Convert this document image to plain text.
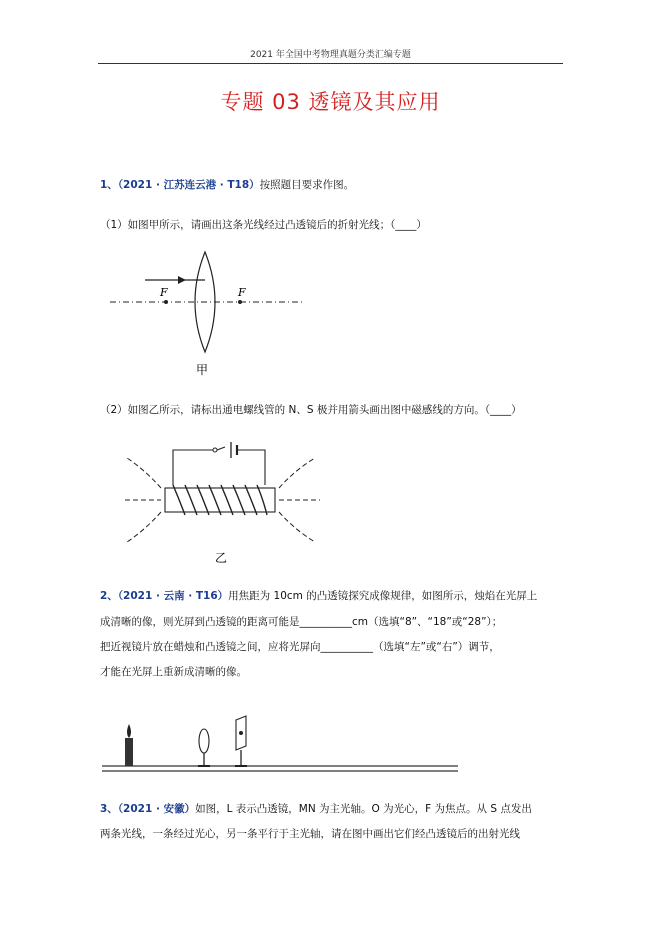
2021 年全国中考物理真题分类汇编专题
专题 03 透镜及其应用
1、（2021 · 江苏连云港 · T18）按照题目要求作图。
（1）如图甲所示，请画出这条光线经过凸透镜后的折射光线；（____）
F	F
甲
（2）如图乙所示，请标出通电螺线管的 N、S 极并用箭头画出图中磁感线的方向。（____）
乙
2、（2021 · 云南 · T16）用焦距为 10cm 的凸透镜探究成像规律，如图所示，烛焰在光屏上
成清晰的像，则光屏到凸透镜的距离可能是__________cm（选填“8”、“18”或“28”）；
把近视镜片放在蜡烛和凸透镜之间，应将光屏向__________（选填“左”或“右”）调节，
才能在光屏上重新成清晰的像。
3、（2021 · 安徽）如图，L 表示凸透镜，MN 为主光轴。O 为光心，F 为焦点。从 S 点发出
两条光线，一条经过光心，另一条平行于主光轴，请在图中画出它们经凸透镜后的出射光线
